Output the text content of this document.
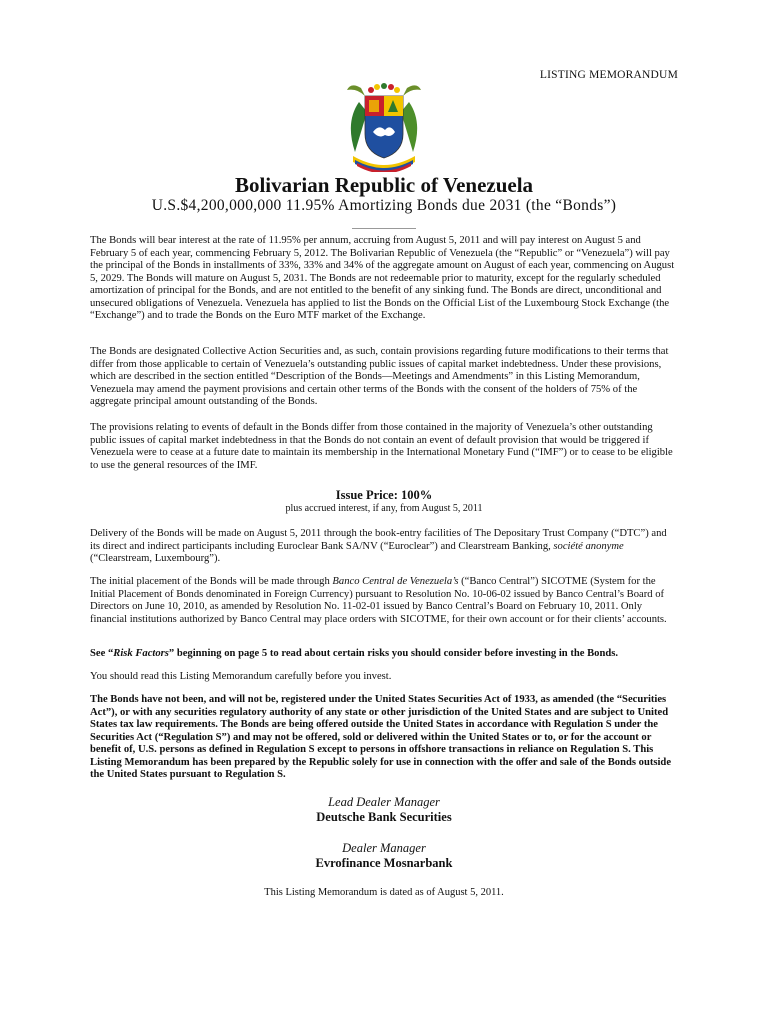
LISTING MEMORANDUM
Bolivarian Republic of Venezuela
U.S.$4,200,000,000 11.95% Amortizing Bonds due 2031 (the “Bonds”)

The Bonds will bear interest at the rate of 11.95% per annum, accruing from August 5, 2011 and will pay interest on August 5 and February 5 of each year, commencing February 5, 2012. The Bolivarian Republic of Venezuela (the “Republic” or “Venezuela”) will pay the principal of the Bonds in installments of 33%, 33% and 34% of the aggregate amount on August of each year, commencing on August 5, 2029. The Bonds will mature on August 5, 2031. The Bonds are not redeemable prior to maturity, except for the regularly scheduled amortization of principal for the Bonds, and are not entitled to the benefit of any sinking fund. The Bonds are direct, unconditional and unsecured obligations of Venezuela. Venezuela has applied to list the Bonds on the Official List of the Luxembourg Stock Exchange (the “Exchange”) and to trade the Bonds on the Euro MTF market of the Exchange.

The Bonds are designated Collective Action Securities and, as such, contain provisions regarding future modifications to their terms that differ from those applicable to certain of Venezuela’s outstanding public issues of capital market indebtedness. Under these provisions, which are described in the section entitled “Description of the Bonds—Meetings and Amendments” in this Listing Memorandum, Venezuela may amend the payment provisions and certain other terms of the Bonds with the consent of the holders of 75% of the aggregate principal amount outstanding of the Bonds.

The provisions relating to events of default in the Bonds differ from those contained in the majority of Venezuela’s other outstanding public issues of capital market indebtedness in that the Bonds do not contain an event of default provision that would be triggered if Venezuela were to cease at a future date to maintain its membership in the International Monetary Fund (“IMF”) or to cease to be eligible to use the general resources of the IMF.

Issue Price: 100%
plus accrued interest, if any, from August 5, 2011

Delivery of the Bonds will be made on August 5, 2011 through the book-entry facilities of The Depositary Trust Company (“DTC”) and its direct and indirect participants including Euroclear Bank SA/NV (“Euroclear”) and Clearstream Banking, société anonyme (“Clearstream, Luxembourg”).

The initial placement of the Bonds will be made through Banco Central de Venezuela’s (“Banco Central”) SICOTME (System for the Initial Placement of Bonds denominated in Foreign Currency) pursuant to Resolution No. 10-06-02 issued by Banco Central’s Board of Directors on June 10, 2010, as amended by Resolution No. 11-02-01 issued by Banco Central’s Board on February 10, 2011. Only financial institutions authorized by Banco Central may place orders with SICOTME, for their own account or for their clients’ accounts.

See “Risk Factors” beginning on page 5 to read about certain risks you should consider before investing in the Bonds.

You should read this Listing Memorandum carefully before you invest.

The Bonds have not been, and will not be, registered under the United States Securities Act of 1933, as amended (the “Securities Act”), or with any securities regulatory authority of any state or other jurisdiction of the United States and are subject to United States tax law requirements. The Bonds are being offered outside the United States in accordance with Regulation S under the Securities Act (“Regulation S”) and may not be offered, sold or delivered within the United States or to, or for the account or benefit of, U.S. persons as defined in Regulation S except to persons in offshore transactions in reliance on Regulation S. This Listing Memorandum has been prepared by the Republic solely for use in connection with the offer and sale of the Bonds outside the United States pursuant to Regulation S.

Lead Dealer Manager
Deutsche Bank Securities
Dealer Manager
Evrofinance Mosnarbank
This Listing Memorandum is dated as of August 5, 2011.
